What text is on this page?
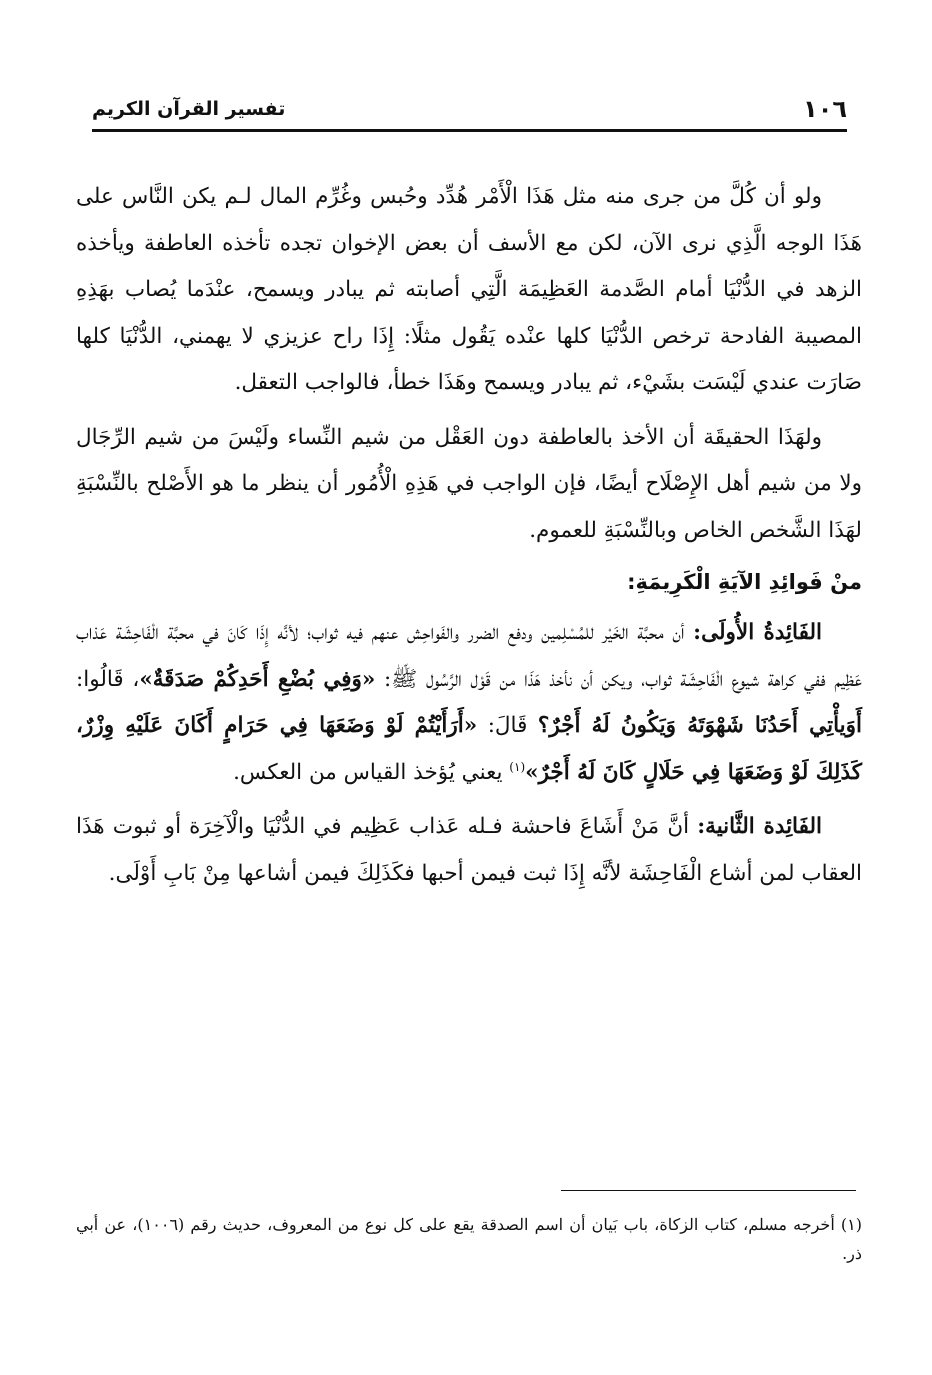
١٠٦
تفسير القرآن الكريم

ولو أن كُلَّ من جرى منه مثل هَذَا الْأَمْر هُدِّد وحُبس وغُرِّم المال لـم يكن النَّاس على هَذَا الوجه الَّذِي نرى الآن، لكن مع الأسف أن بعض الإخوان تجده تأخذه العاطفة ويأخذه الزهد في الدُّنْيَا أمام الصَّدمة العَظِيمَة الَّتِي أصابته ثم يبادر ويسمح، عنْدَما يُصاب بهَذِهِ المصيبة الفادحة ترخص الدُّنْيَا كلها عنْده يَقُول مثلًا: إِذَا راح عزيزي لا يهمني، الدُّنْيَا كلها صَارَت عندي لَيْسَت بشَيْء، ثم يبادر ويسمح وهَذَا خطأ، فالواجب التعقل.

ولهَذَا الحقيقَة أن الأخذ بالعاطفة دون العَقْل من شيم النِّساء ولَيْسَ من شيم الرِّجَال ولا من شيم أهل الإِصْلَاح أيضًا، فإن الواجب في هَذِهِ الْأُمُور أن ينظر ما هو الأَصْلح بالنِّسْبَةِ لهَذَا الشَّخص الخاص وبالنِّسْبَةِ للعموم.

منْ فَوائِدِ الآيَةِ الْكَرِيمَةِ:

الفَائِدةُ الأُولَى: أن محبَّة الخَيْر للمُسْلِمين ودفع الضرر والفَواحِش عنهم فيه ثواب؛ لأنَّه إِذَا كَانَ في محبَّة الْفَاحِشَة عَذاب عَظِيم ففي كراهة شيوع الْفَاحِشَة ثواب، ويكن أن نأخذ هَذَا من قَوْل الرَّسُول ﷺ: «وَفِي بُضْعِ أَحَدِكُمْ صَدَقَةٌ»، قَالُوا: أَوَيأْتِي أَحَدُنَا شَهْوَتَهُ وَيَكُونُ لَهُ أَجْرٌ؟ قَالَ: «أَرَأَيْتُمْ لَوْ وَضَعَهَا فِي حَرَامٍ أَكَانَ عَلَيْهِ وِزْرٌ، كَذَلِكَ لَوْ وَضَعَهَا فِي حَلَالٍ كَانَ لَهُ أَجْرٌ»$^{(١)}$ يعني يُؤخذ القياس من العكس.

الفَائِدة الثَّانية: أنَّ مَنْ أَشَاعَ فاحشة فـله عَذاب عَظِيم في الدُّنْيَا والْآخِرَة أو ثبوت هَذَا العقاب لمن أشاع الْفَاحِشَة لأنَّه إِذَا ثبت فيمن أحبها فكَذَلِكَ فيمن أشاعها مِنْ بَابِ أَوْلَى.

(١) أخرجه مسلم، كتاب الزكاة، باب بَيان أن اسم الصدقة يقع على كل نوع من المعروف، حديث رقم (١٠٠٦)، عن أبي ذر.
